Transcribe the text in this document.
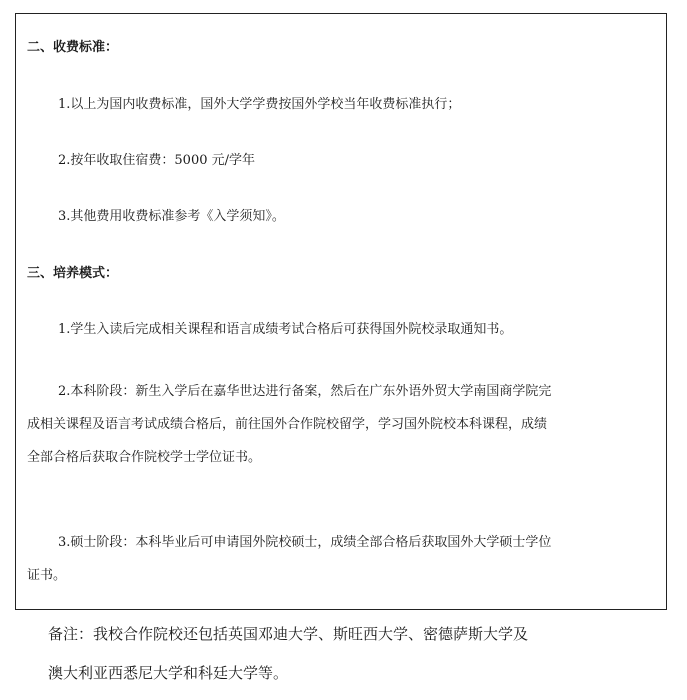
二、收费标准：
1.以上为国内收费标准，国外大学学费按国外学校当年收费标准执行；
2.按年收取住宿费：5000 元/学年
3.其他费用收费标准参考《入学须知》。
三、培养模式：
1.学生入读后完成相关课程和语言成绩考试合格后可获得国外院校录取通知书。
2.本科阶段：新生入学后在嘉华世达进行备案，然后在广东外语外贸大学南国商学院完
成相关课程及语言考试成绩合格后，前往国外合作院校留学，学习国外院校本科课程，成绩
全部合格后获取合作院校学士学位证书。
3.硕士阶段：本科毕业后可申请国外院校硕士，成绩全部合格后获取国外大学硕士学位
证书。
备注：我校合作院校还包括英国邓迪大学、斯旺西大学、密德萨斯大学及
澳大利亚西悉尼大学和科廷大学等。
